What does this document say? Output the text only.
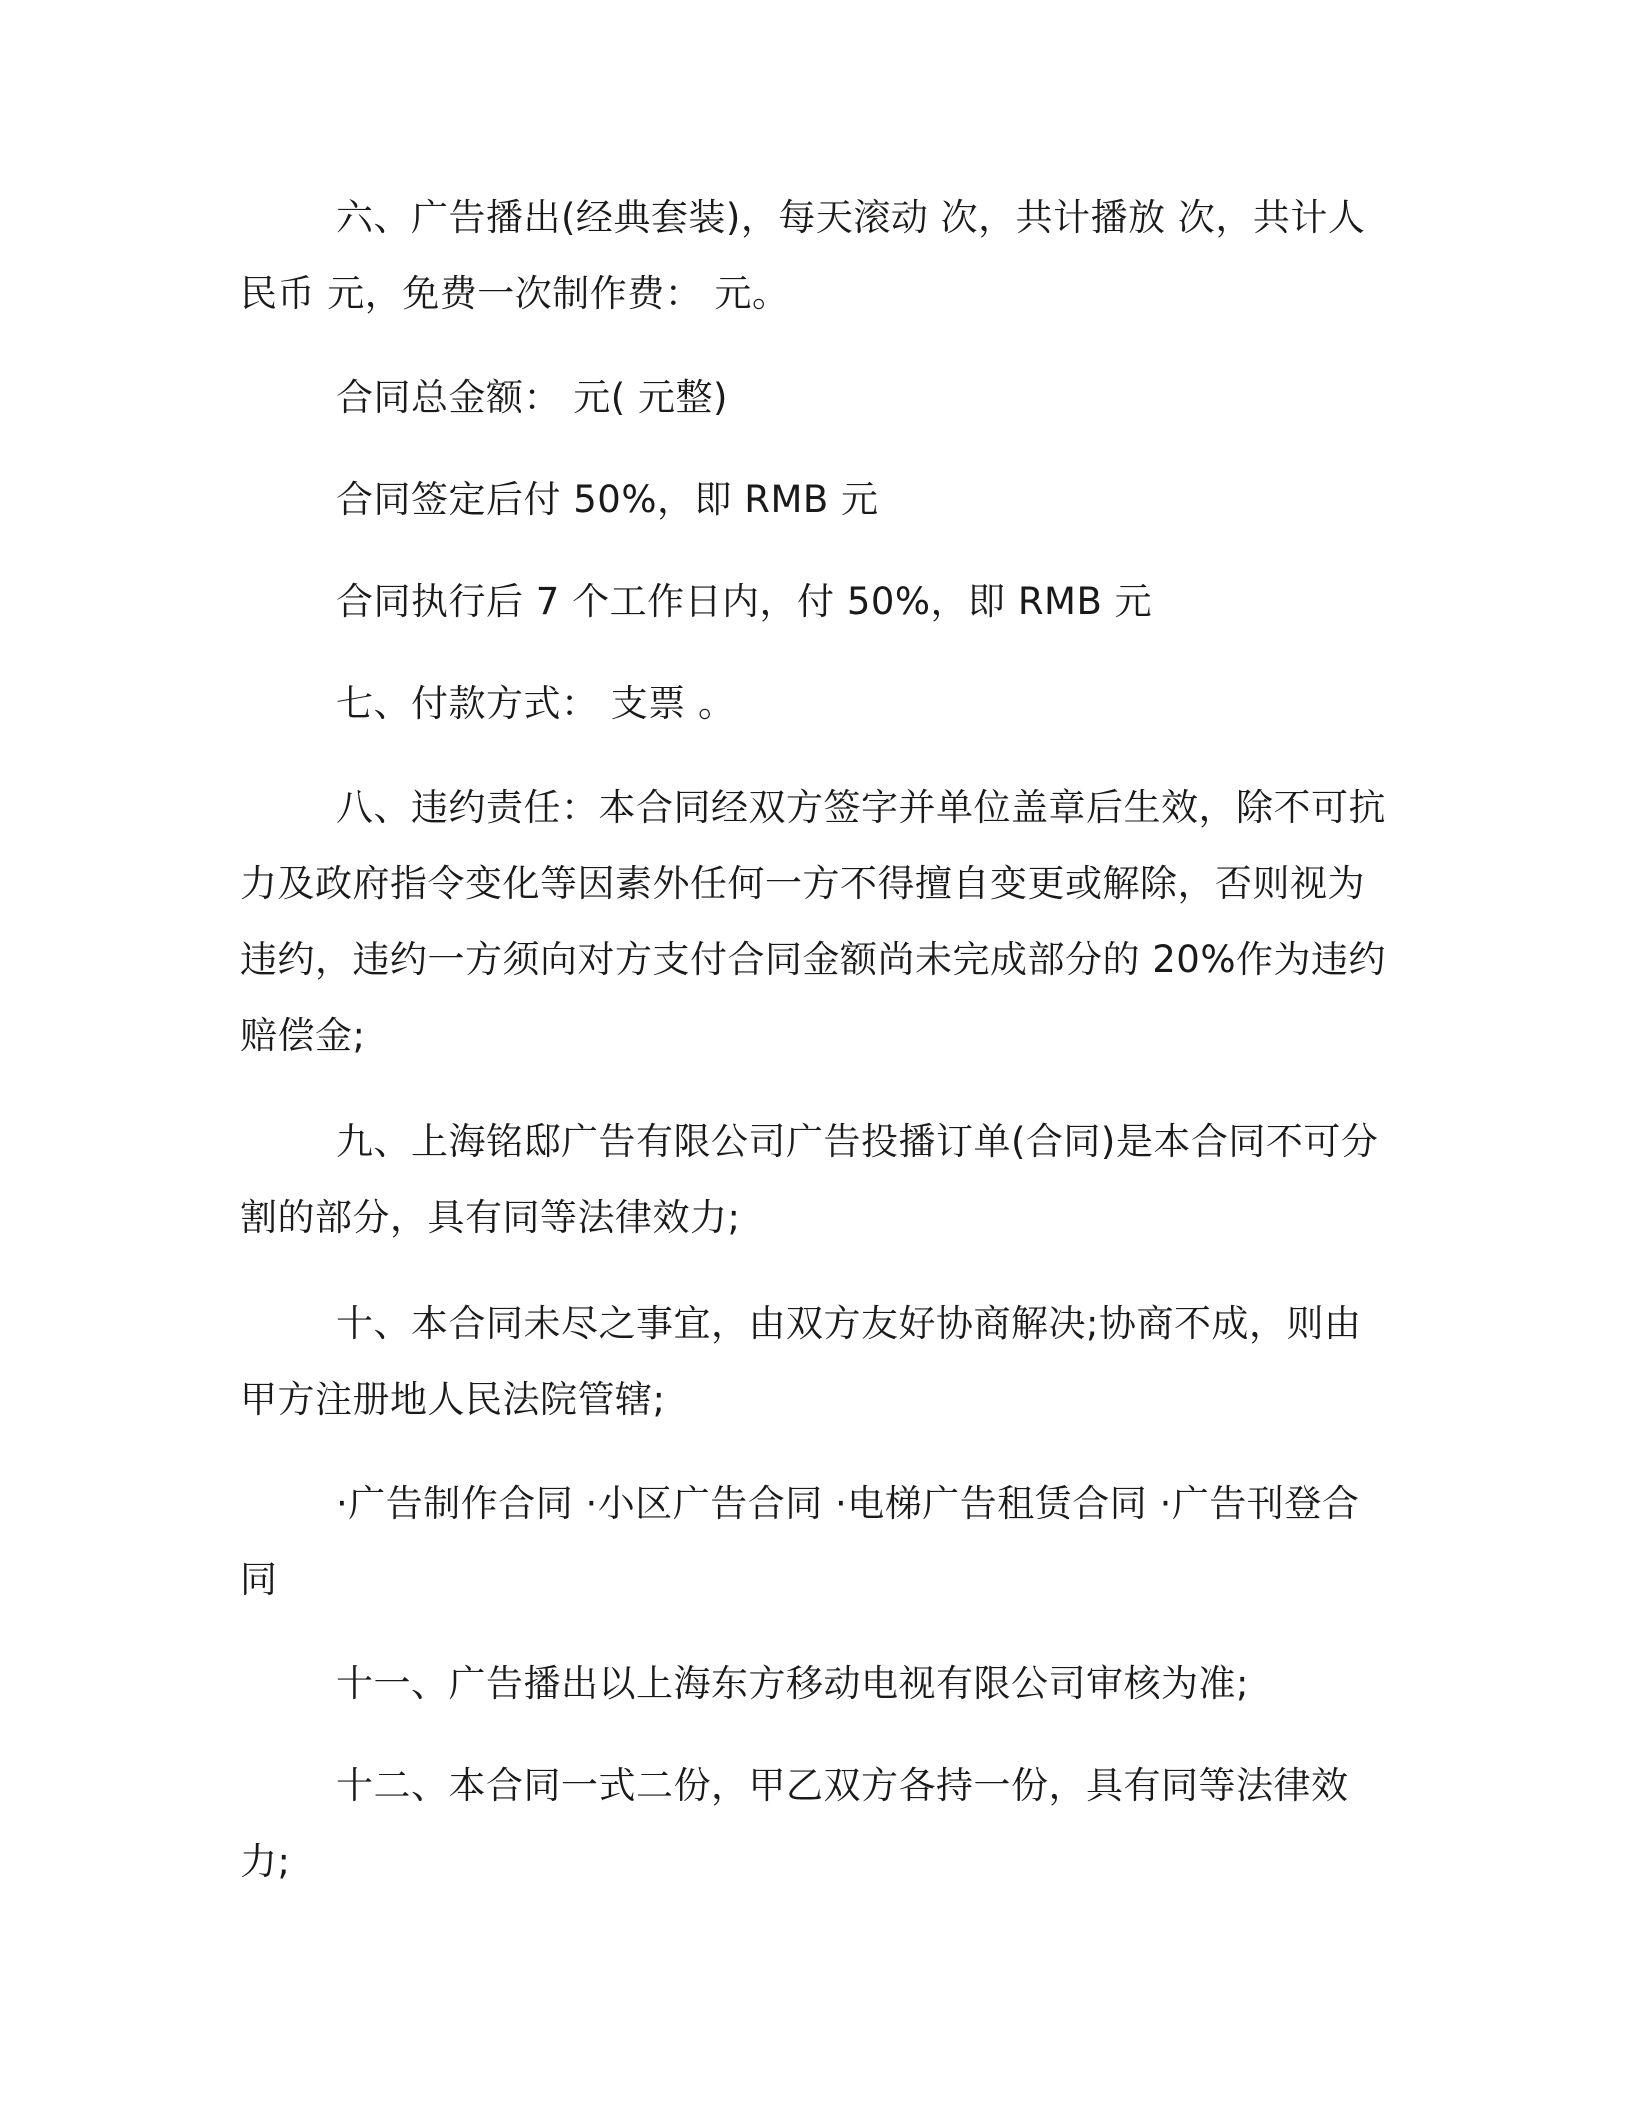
六、广告播出(经典套装)，每天滚动 次，共计播放 次，共计人民币 元，免费一次制作费： 元。

合同总金额： 元( 元整)

合同签定后付 50%，即 RMB 元

合同执行后 7 个工作日内，付 50%，即 RMB 元

七、付款方式： 支票 。

八、违约责任：本合同经双方签字并单位盖章后生效，除不可抗力及政府指令变化等因素外任何一方不得擅自变更或解除，否则视为违约，违约一方须向对方支付合同金额尚未完成部分的 20%作为违约赔偿金;

九、上海铭邸广告有限公司广告投播订单(合同)是本合同不可分割的部分，具有同等法律效力;

十、本合同未尽之事宜，由双方友好协商解决;协商不成，则由甲方注册地人民法院管辖;

·广告制作合同 ·小区广告合同 ·电梯广告租赁合同 ·广告刊登合同

十一、广告播出以上海东方移动电视有限公司审核为准;

十二、本合同一式二份，甲乙双方各持一份，具有同等法律效力;
